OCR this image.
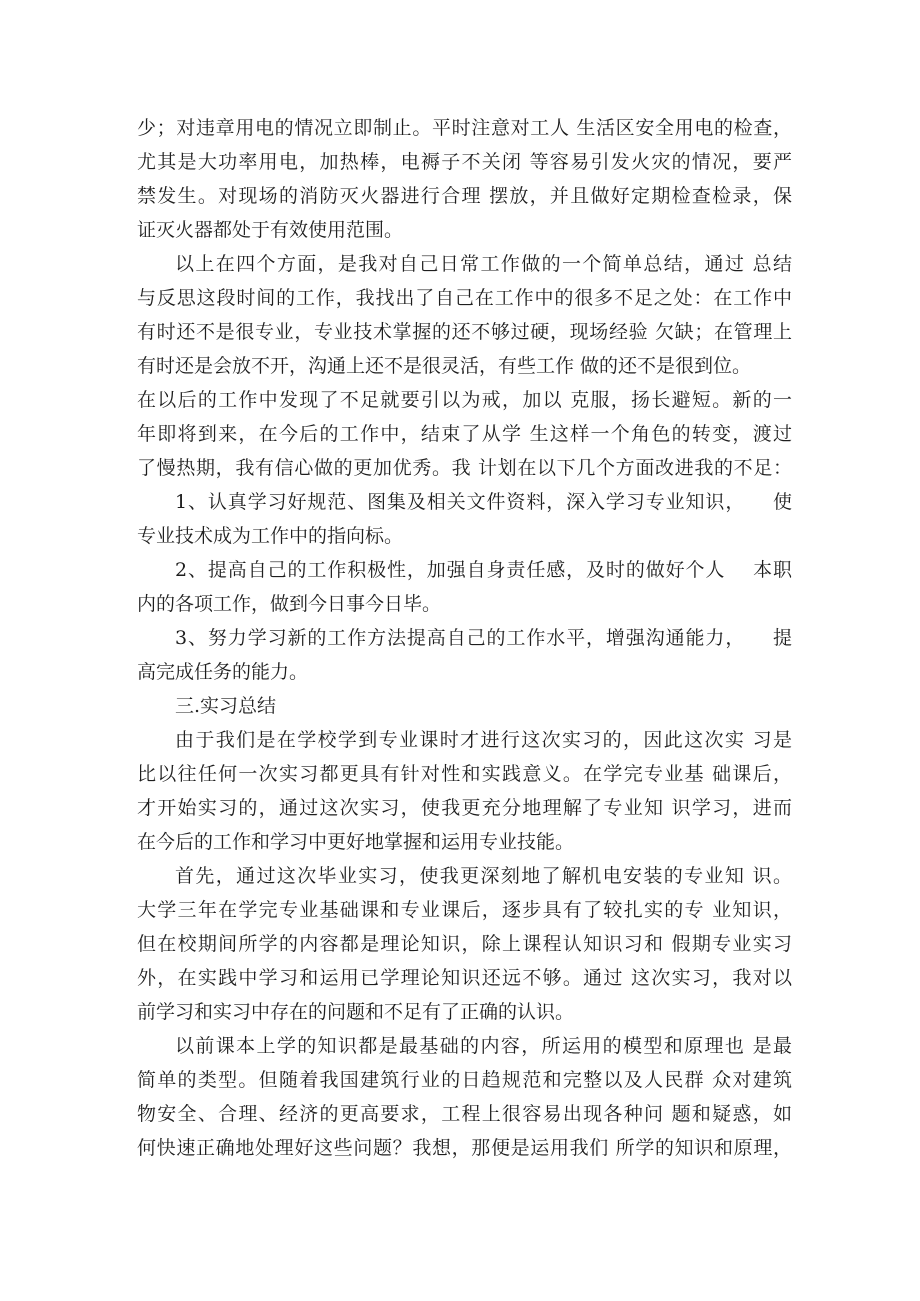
少；对违章用电的情况立即制止。平时注意对工人 生活区安全用电的检查，
尤其是大功率用电，加热棒，电褥子不关闭 等容易引发火灾的情况，要严
禁发生。对现场的消防灭火器进行合理 摆放，并且做好定期检查检录，保
证灭火器都处于有效使用范围。
以上在四个方面，是我对自己日常工作做的一个简单总结，通过 总结
与反思这段时间的工作，我找出了自己在工作中的很多不足之处：在工作中
有时还不是很专业，专业技术掌握的还不够过硬，现场经验 欠缺；在管理上
有时还是会放不开，沟通上还不是很灵活，有些工作 做的还不是很到位。
在以后的工作中发现了不足就要引以为戒，加以 克服，扬长避短。新的一
年即将到来，在今后的工作中，结束了从学 生这样一个角色的转变，渡过
了慢热期，我有信心做的更加优秀。我 计划在以下几个方面改进我的不足：
1、认真学习好规范、图集及相关文件资料，深入学习专业知识，    使
专业技术成为工作中的指向标。
2、提高自己的工作积极性，加强自身责任感，及时的做好个人    本职
内的各项工作，做到今日事今日毕。
3、努力学习新的工作方法提高自己的工作水平，增强沟通能力，    提
高完成任务的能力。
三.实习总结
由于我们是在学校学到专业课时才进行这次实习的，因此这次实 习是
比以往任何一次实习都更具有针对性和实践意义。在学完专业基 础课后，
才开始实习的，通过这次实习，使我更充分地理解了专业知 识学习，进而
在今后的工作和学习中更好地掌握和运用专业技能。
首先，通过这次毕业实习，使我更深刻地了解机电安装的专业知 识。
大学三年在学完专业基础课和专业课后，逐步具有了较扎实的专 业知识，
但在校期间所学的内容都是理论知识，除上课程认知识习和 假期专业实习
外，在实践中学习和运用已学理论知识还远不够。通过 这次实习，我对以
前学习和实习中存在的问题和不足有了正确的认识。
以前课本上学的知识都是最基础的内容，所运用的模型和原理也 是最
简单的类型。但随着我国建筑行业的日趋规范和完整以及人民群 众对建筑
物安全、合理、经济的更高要求，工程上很容易出现各种问 题和疑惑，如
何快速正确地处理好这些问题？我想，那便是运用我们 所学的知识和原理，
